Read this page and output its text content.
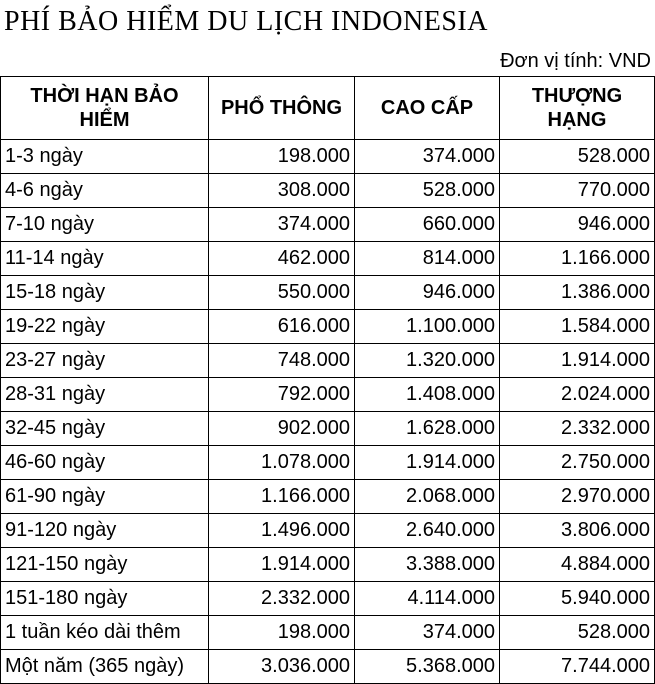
PHÍ BẢO HIỂM DU LỊCH INDONESIA
Đơn vị tính: VND
THỜI HẠN BẢO HIỂM	PHỔ THÔNG	CAO CẤP	THƯỢNG HẠNG
1-3 ngày	198.000	374.000	528.000
4-6 ngày	308.000	528.000	770.000
7-10 ngày	374.000	660.000	946.000
11-14 ngày	462.000	814.000	1.166.000
15-18 ngày	550.000	946.000	1.386.000
19-22 ngày	616.000	1.100.000	1.584.000
23-27 ngày	748.000	1.320.000	1.914.000
28-31 ngày	792.000	1.408.000	2.024.000
32-45 ngày	902.000	1.628.000	2.332.000
46-60 ngày	1.078.000	1.914.000	2.750.000
61-90 ngày	1.166.000	2.068.000	2.970.000
91-120 ngày	1.496.000	2.640.000	3.806.000
121-150 ngày	1.914.000	3.388.000	4.884.000
151-180 ngày	2.332.000	4.114.000	5.940.000
1 tuần kéo dài thêm	198.000	374.000	528.000
Một năm (365 ngày)	3.036.000	5.368.000	7.744.000
